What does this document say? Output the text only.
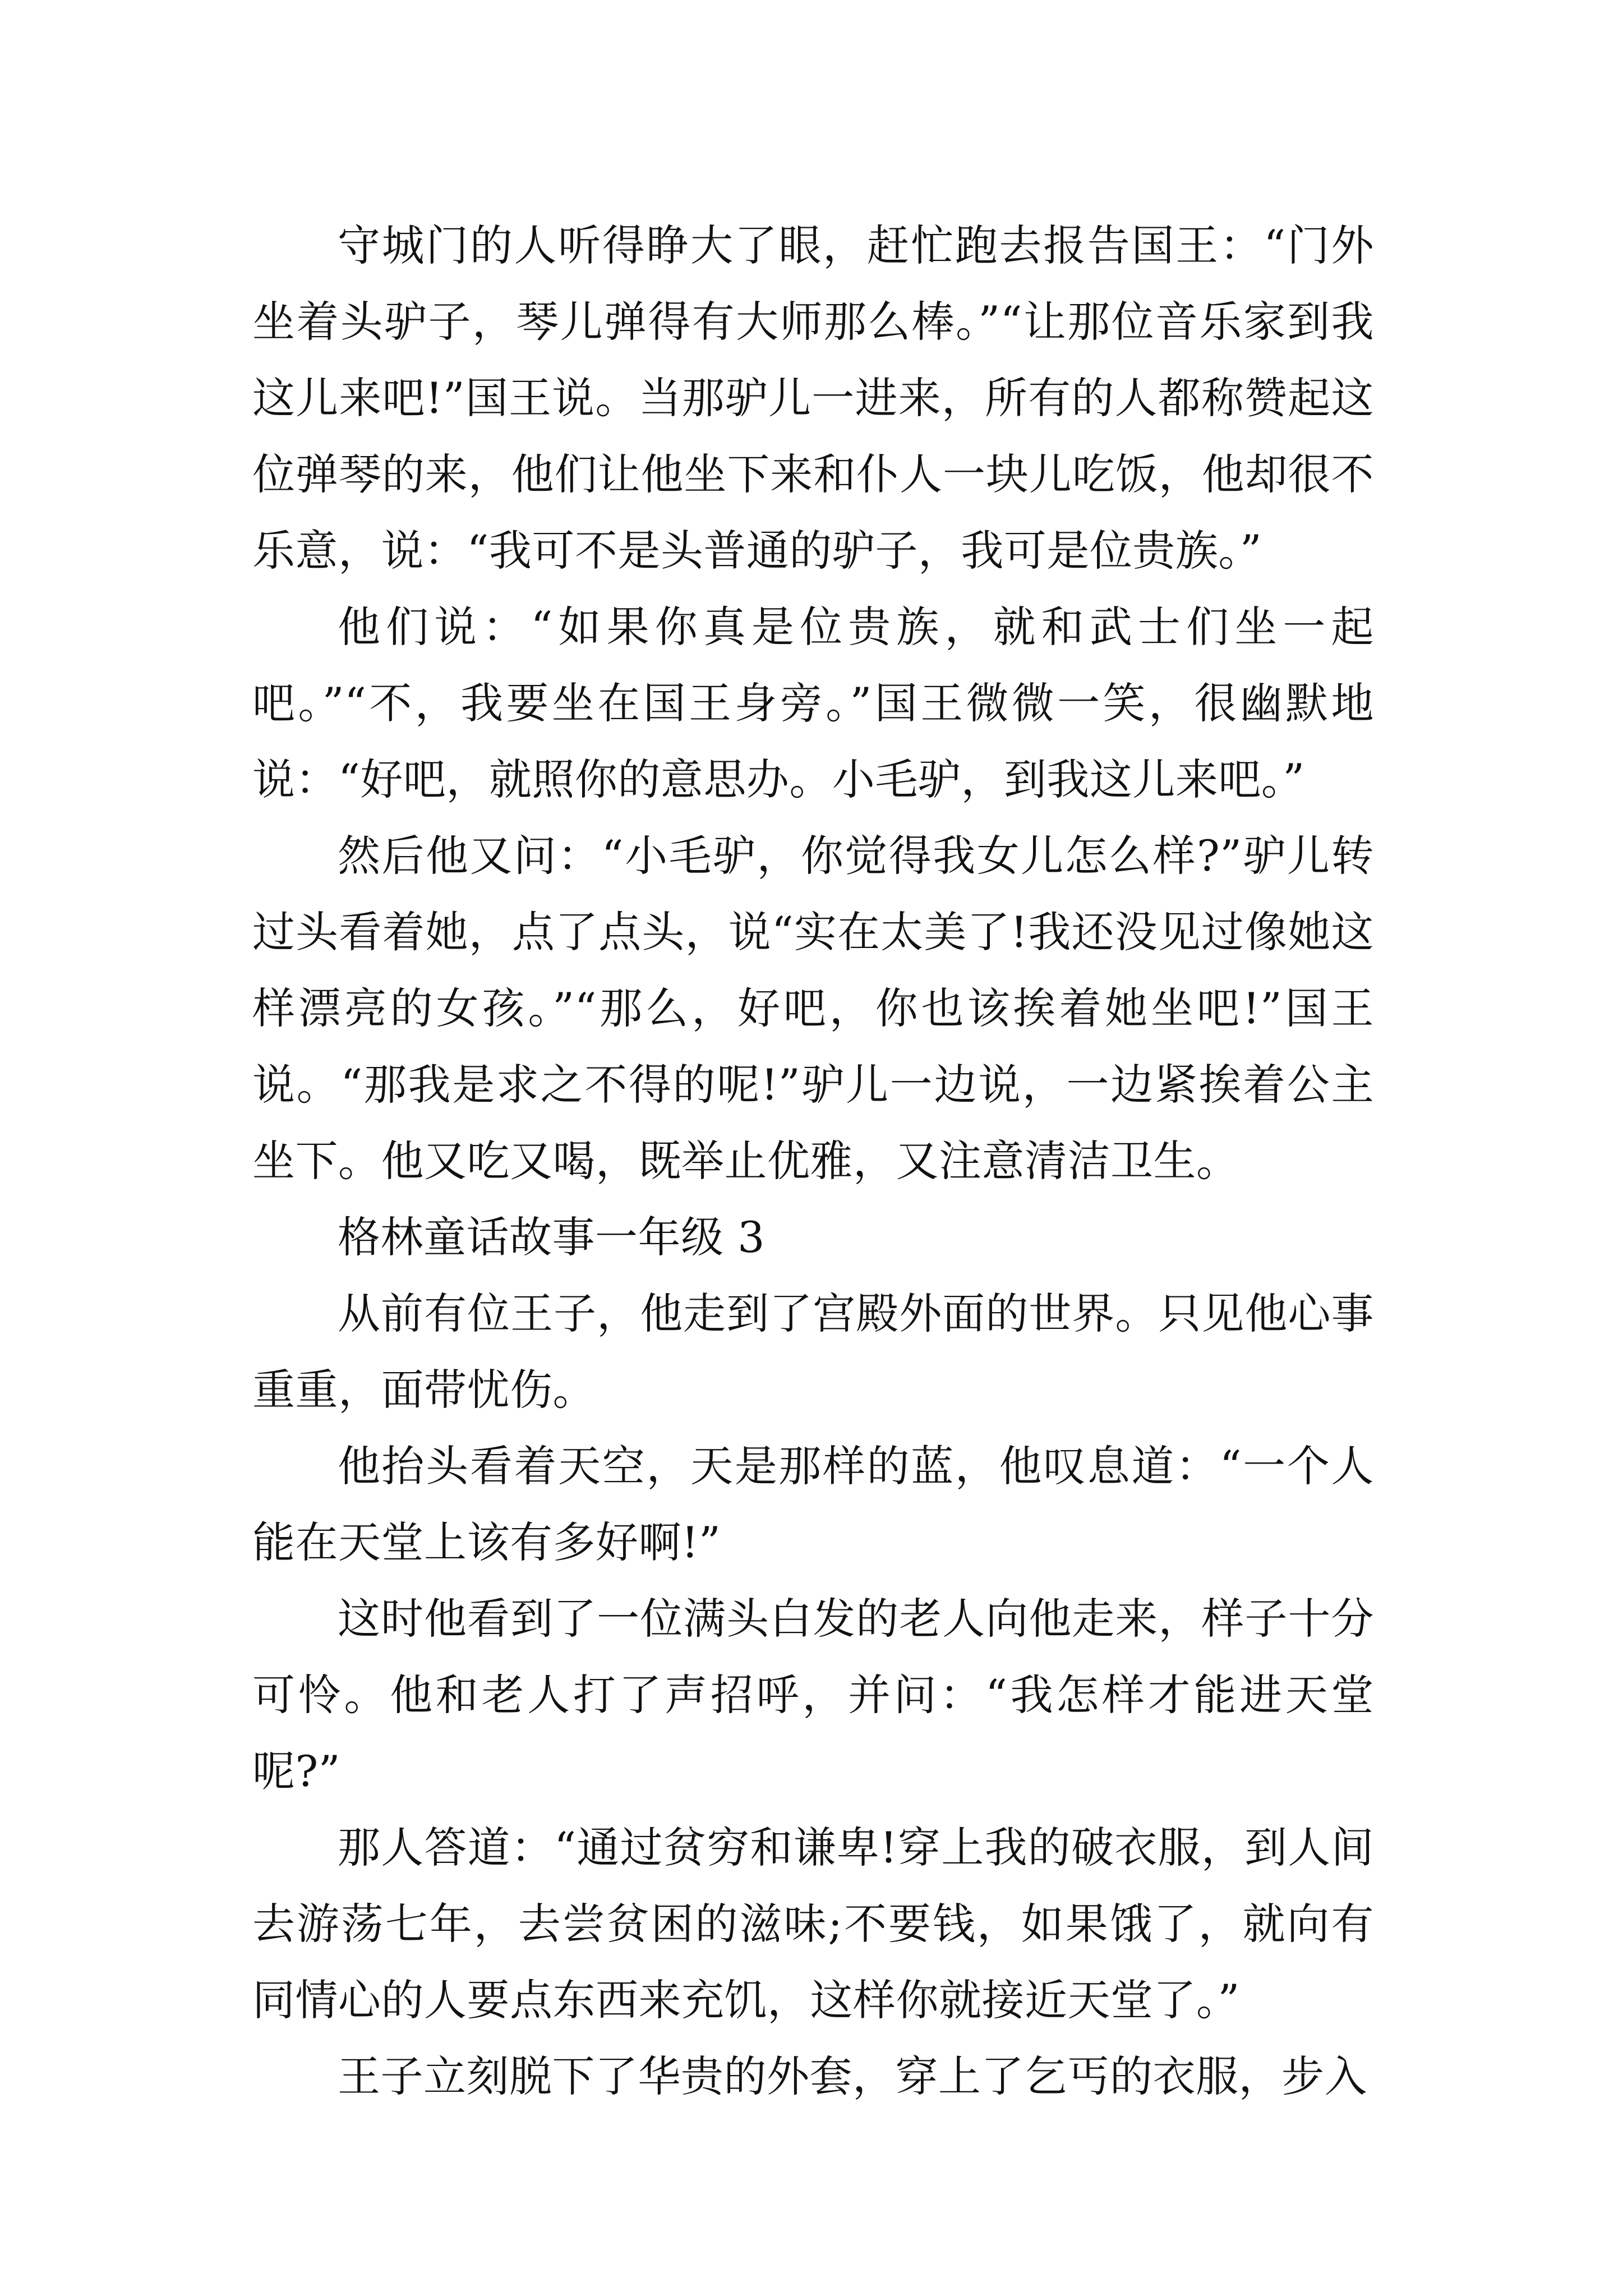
守城门的人听得睁大了眼，赶忙跑去报告国王：“门外坐着头驴子，琴儿弹得有大师那么棒。”“让那位音乐家到我这儿来吧!”国王说。当那驴儿一进来，所有的人都称赞起这位弹琴的来，他们让他坐下来和仆人一块儿吃饭，他却很不乐意，说：“我可不是头普通的驴子，我可是位贵族。”

他们说：“如果你真是位贵族，就和武士们坐一起吧。”“不，我要坐在国王身旁。”国王微微一笑，很幽默地说：“好吧，就照你的意思办。小毛驴，到我这儿来吧。”

然后他又问：“小毛驴，你觉得我女儿怎么样?”驴儿转过头看着她，点了点头，说“实在太美了!我还没见过像她这样漂亮的女孩。”“那么，好吧，你也该挨着她坐吧!”国王说。“那我是求之不得的呢!”驴儿一边说，一边紧挨着公主坐下。他又吃又喝，既举止优雅，又注意清洁卫生。

格林童话故事一年级 3

从前有位王子，他走到了宫殿外面的世界。只见他心事重重，面带忧伤。

他抬头看着天空，天是那样的蓝，他叹息道：“一个人能在天堂上该有多好啊!”

这时他看到了一位满头白发的老人向他走来，样子十分可怜。他和老人打了声招呼，并问：“我怎样才能进天堂呢?”

那人答道：“通过贫穷和谦卑!穿上我的破衣服，到人间去游荡七年，去尝贫困的滋味;不要钱，如果饿了，就向有同情心的人要点东西来充饥，这样你就接近天堂了。”

王子立刻脱下了华贵的外套，穿上了乞丐的衣服，步入
